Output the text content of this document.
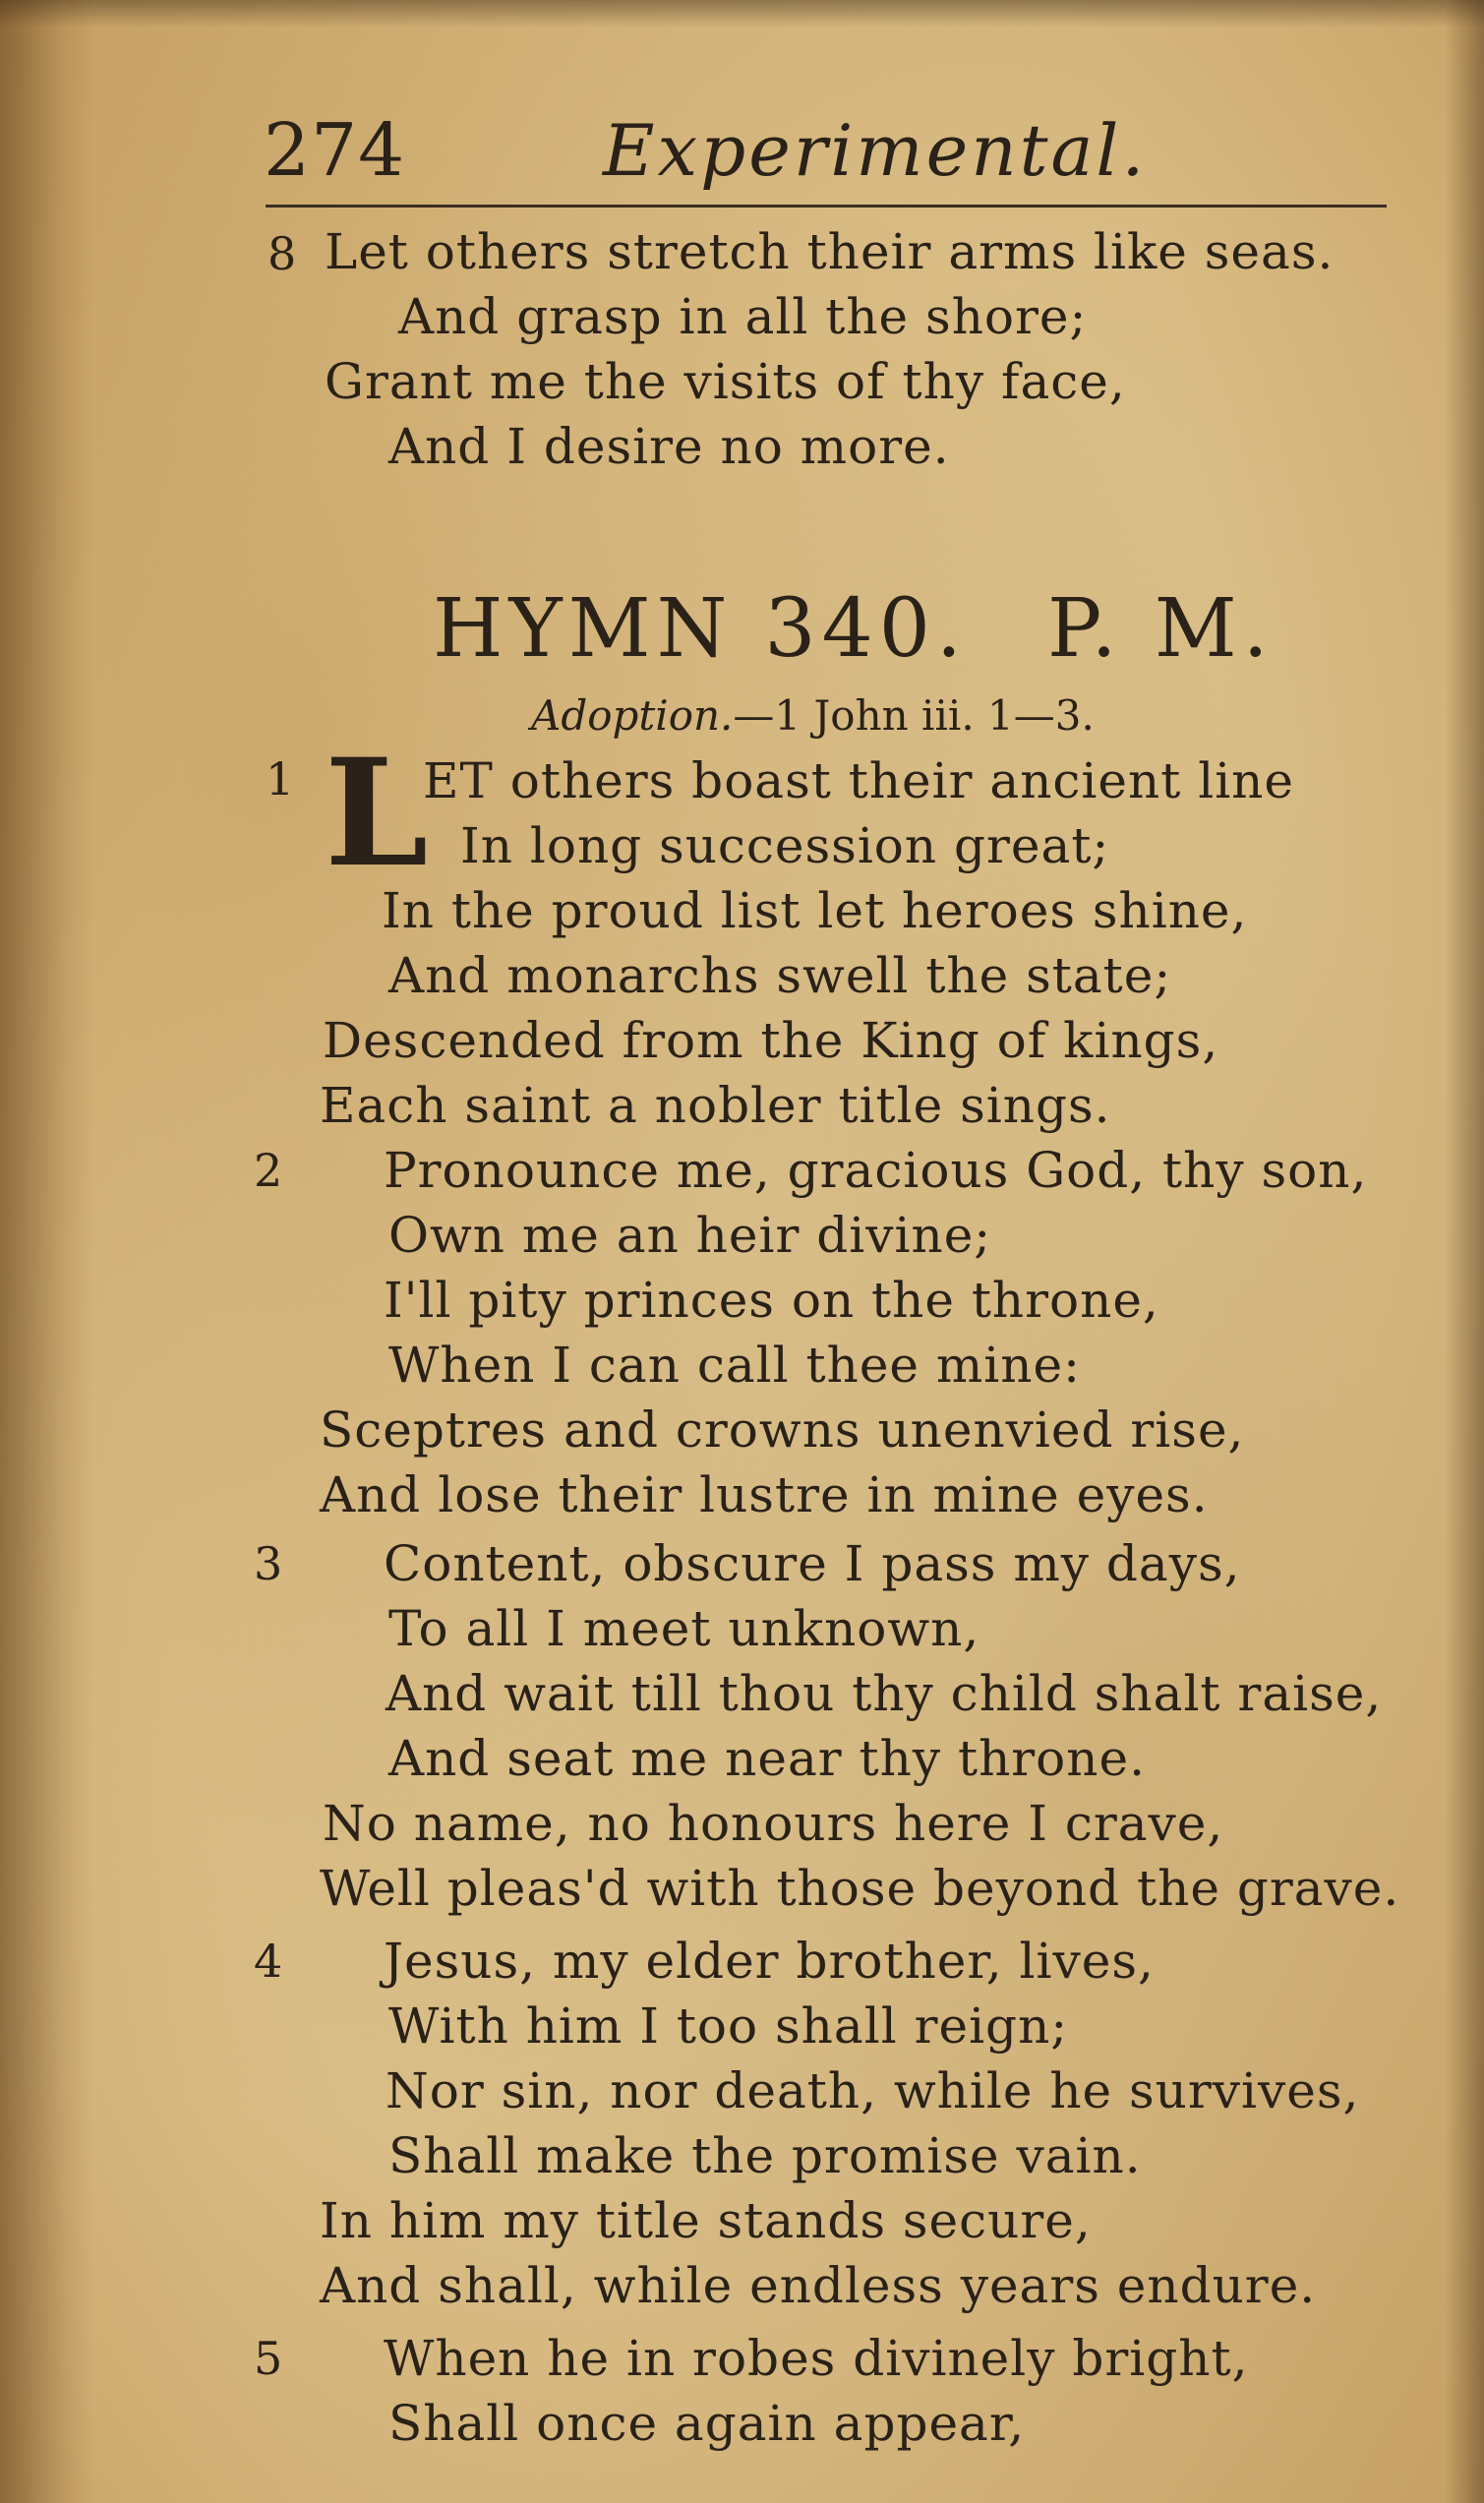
274	Experimental.
8 Let others stretch their arms like seas.
And grasp in all the shore;
Grant me the visits of thy face,
And I desire no more.
HYMN 340. P. M.
Adoption.—1 John iii. 1—3.
1 L
ET others boast their ancient line
In long succession great;
In the proud list let heroes shine,
And monarchs swell the state;
Descended from the King of kings,
Each saint a nobler title sings.
2 Pronounce me, gracious God, thy son,
Own me an heir divine;
I'll pity princes on the throne,
When I can call thee mine:
Sceptres and crowns unenvied rise,
And lose their lustre in mine eyes.
3 Content, obscure I pass my days,
To all I meet unknown,
And wait till thou thy child shalt raise,
And seat me near thy throne.
No name, no honours here I crave,
Well pleas'd with those beyond the grave.
4 Jesus, my elder brother, lives,
With him I too shall reign;
Nor sin, nor death, while he survives,
Shall make the promise vain.
In him my title stands secure,
And shall, while endless years endure.
5 When he in robes divinely bright,
Shall once again appear,
